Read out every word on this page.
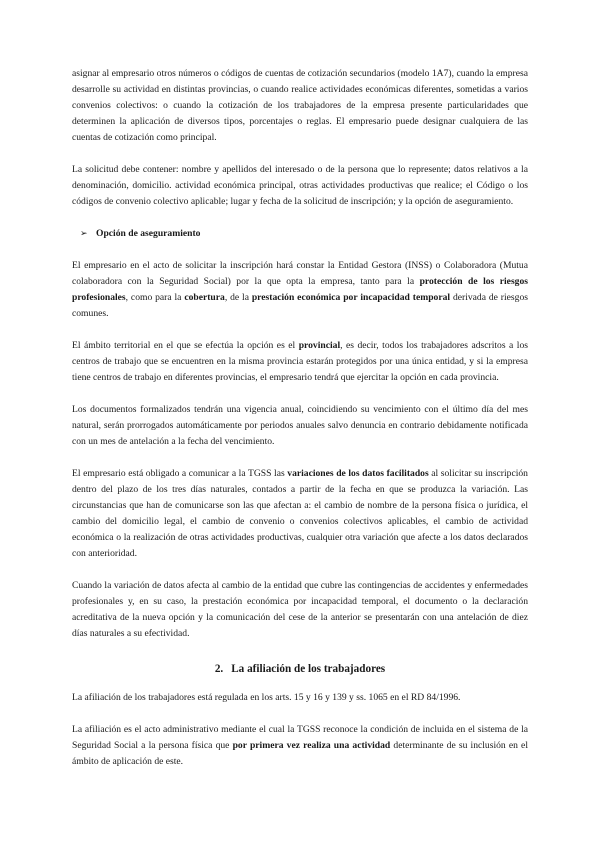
asignar al empresario otros números o códigos de cuentas de cotización secundarios (modelo 1A7), cuando la empresa desarrolle su actividad en distintas provincias, o cuando realice actividades económicas diferentes, sometidas a varios convenios colectivos: o cuando la cotización de los trabajadores de la empresa presente particularidades que determinen la aplicación de diversos tipos, porcentajes o reglas. El empresario puede designar cualquiera de las cuentas de cotización como principal.

La solicitud debe contener: nombre y apellidos del interesado o de la persona que lo represente; datos relativos a la denominación, domicilio. actividad económica principal, otras actividades productivas que realice; el Código o los códigos de convenio colectivo aplicable; lugar y fecha de la solicitud de inscripción; y la opción de aseguramiento.

➢ Opción de aseguramiento

El empresario en el acto de solicitar la inscripción hará constar la Entidad Gestora (INSS) o Colaboradora (Mutua colaboradora con la Seguridad Social) por la que opta la empresa, tanto para la protección de los riesgos profesionales, como para la cobertura, de la prestación económica por incapacidad temporal derivada de riesgos comunes.

El ámbito territorial en el que se efectúa la opción es el provincial, es decir, todos los trabajadores adscritos a los centros de trabajo que se encuentren en la misma provincia estarán protegidos por una única entidad, y si la empresa tiene centros de trabajo en diferentes provincias, el empresario tendrá que ejercitar la opción en cada provincia.

Los documentos formalizados tendrán una vigencia anual, coincidiendo su vencimiento con el último día del mes natural, serán prorrogados automáticamente por periodos anuales salvo denuncia en contrario debidamente notificada con un mes de antelación a la fecha del vencimiento.

El empresario está obligado a comunicar a la TGSS las variaciones de los datos facilitados al solicitar su inscripción dentro del plazo de los tres días naturales, contados a partir de la fecha en que se produzca la variación. Las circunstancias que han de comunicarse son las que afectan a: el cambio de nombre de la persona física o jurídica, el cambio del domicilio legal, el cambio de convenio o convenios colectivos aplicables, el cambio de actividad económica o la realización de otras actividades productivas, cualquier otra variación que afecte a los datos declarados con anterioridad.

Cuando la variación de datos afecta al cambio de la entidad que cubre las contingencias de accidentes y enfermedades profesionales y, en su caso, la prestación económica por incapacidad temporal, el documento o la declaración acreditativa de la nueva opción y la comunicación del cese de la anterior se presentarán con una antelación de diez días naturales a su efectividad.

2. La afiliación de los trabajadores

La afiliación de los trabajadores está regulada en los arts. 15 y 16 y 139 y ss. 1065 en el RD 84/1996.

La afiliación es el acto administrativo mediante el cual la TGSS reconoce la condición de incluida en el sistema de la Seguridad Social a la persona física que por primera vez realiza una actividad determinante de su inclusión en el ámbito de aplicación de este.
